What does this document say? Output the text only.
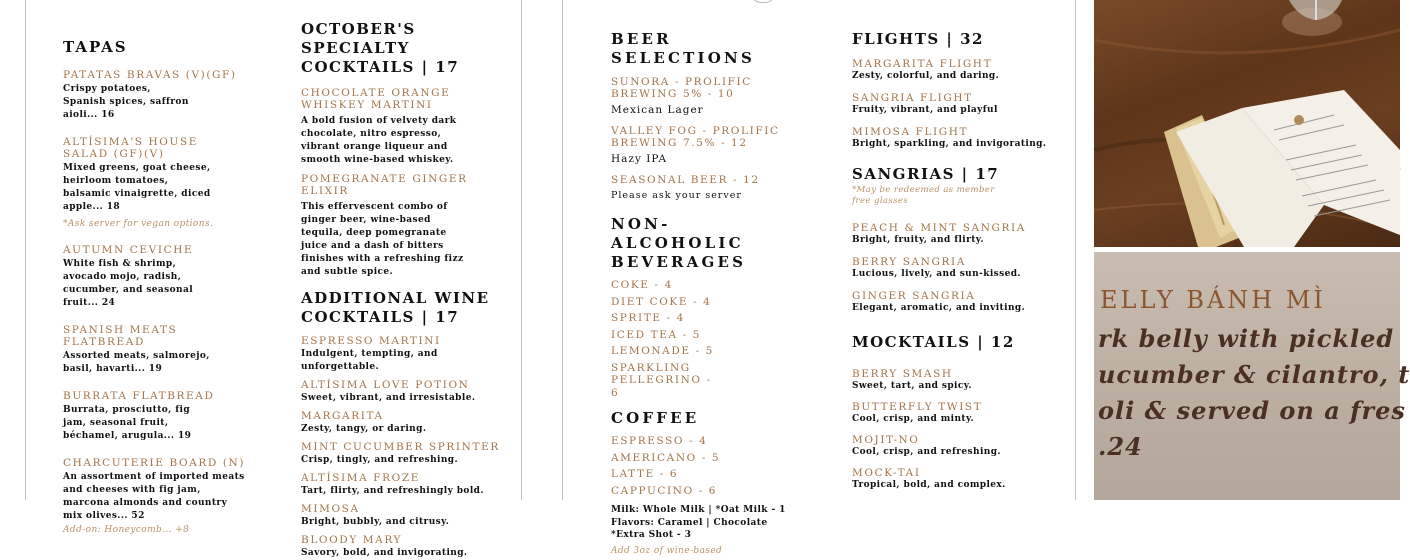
TAPAS

PATATAS BRAVAS (V)(GF)

Crispy potatoes, Spanish spices, saffron aioli... 16

ALTÍSIMA'S HOUSE SALAD (GF)(V)

Mixed greens, goat cheese, heirloom tomatoes, balsamic vinaigrette, diced apple... 18

*Ask server for vegan options.

AUTUMN CEVICHE

White fish & shrimp, avocado mojo, radish, cucumber, and seasonal fruit... 24

SPANISH MEATS FLATBREAD

Assorted meats, salmorejo, basil, havarti... 19

BURRATA FLATBREAD

Burrata, prosciutto, fig jam, seasonal fruit, béchamel, arugula... 19

CHARCUTERIE BOARD (N)

An assortment of imported meats and cheeses with fig jam, marcona almonds and country mix olives... 52

Add-on: Honeycomb... +8

OCTOBER'S SPECIALTY COCKTAILS | 17

CHOCOLATE ORANGE WHISKEY MARTINI

A bold fusion of velvety dark chocolate, nitro espresso, vibrant orange liqueur and smooth wine-based whiskey.

POMEGRANATE GINGER ELIXIR

This effervescent combo of ginger beer, wine-based tequila, deep pomegranate juice and a dash of bitters finishes with a refreshing fizz and subtle spice.

ADDITIONAL WINE COCKTAILS | 17

ESPRESSO MARTINI

Indulgent, tempting, and unforgettable.

ALTÍSIMA LOVE POTION

Sweet, vibrant, and irresistable.

MARGARITA

Zesty, tangy, or daring.

MINT CUCUMBER SPRINTER

Crisp, tingly, and refreshing.

ALTÍSIMA FROZE

Tart, flirty, and refreshingly bold.

MIMOSA

Bright, bubbly, and citrusy.

BLOODY MARY

Savory, bold, and invigorating.

BEER SELECTIONS

SUNORA - PROLIFIC BREWING 5% - 10

Mexican Lager

VALLEY FOG - PROLIFIC BREWING 7.5% - 12

Hazy IPA

SEASONAL BEER - 12

Please ask your server

NON-ALCOHOLIC BEVERAGES

COKE - 4

DIET COKE - 4

SPRITE - 4

ICED TEA - 5

LEMONADE - 5

SPARKLING PELLEGRINO - 6

COFFEE

ESPRESSO - 4

AMERICANO - 5

LATTE - 6

CAPPUCINO - 6

Milk: Whole Milk | *Oat Milk - 1

Flavors: Caramel | Chocolate

*Extra Shot - 3

Add 3oz of wine-based

FLIGHTS | 32

MARGARITA FLIGHT

Zesty, colorful, and daring.

SANGRIA FLIGHT

Fruity, vibrant, and playful

MIMOSA FLIGHT

Bright, sparkling, and invigorating.

SANGRIAS | 17

*May be redeemed as member free glasses

PEACH & MINT SANGRIA

Bright, fruity, and flirty.

BERRY SANGRIA

Lucious, lively, and sun-kissed.

GINGER SANGRIA

Elegant, aromatic, and inviting.

MOCKTAILS | 12

BERRY SMASH

Sweet, tart, and spicy.

BUTTERFLY TWIST

Cool, crisp, and minty.

MOJIT-NO

Cool, crisp, and refreshing.

MOCK-TAI

Tropical, bold, and complex.

ELLY BÁNH MÌ
rk belly with pickled
ucumber & cilantro, t
oli & served on a fres
.24
